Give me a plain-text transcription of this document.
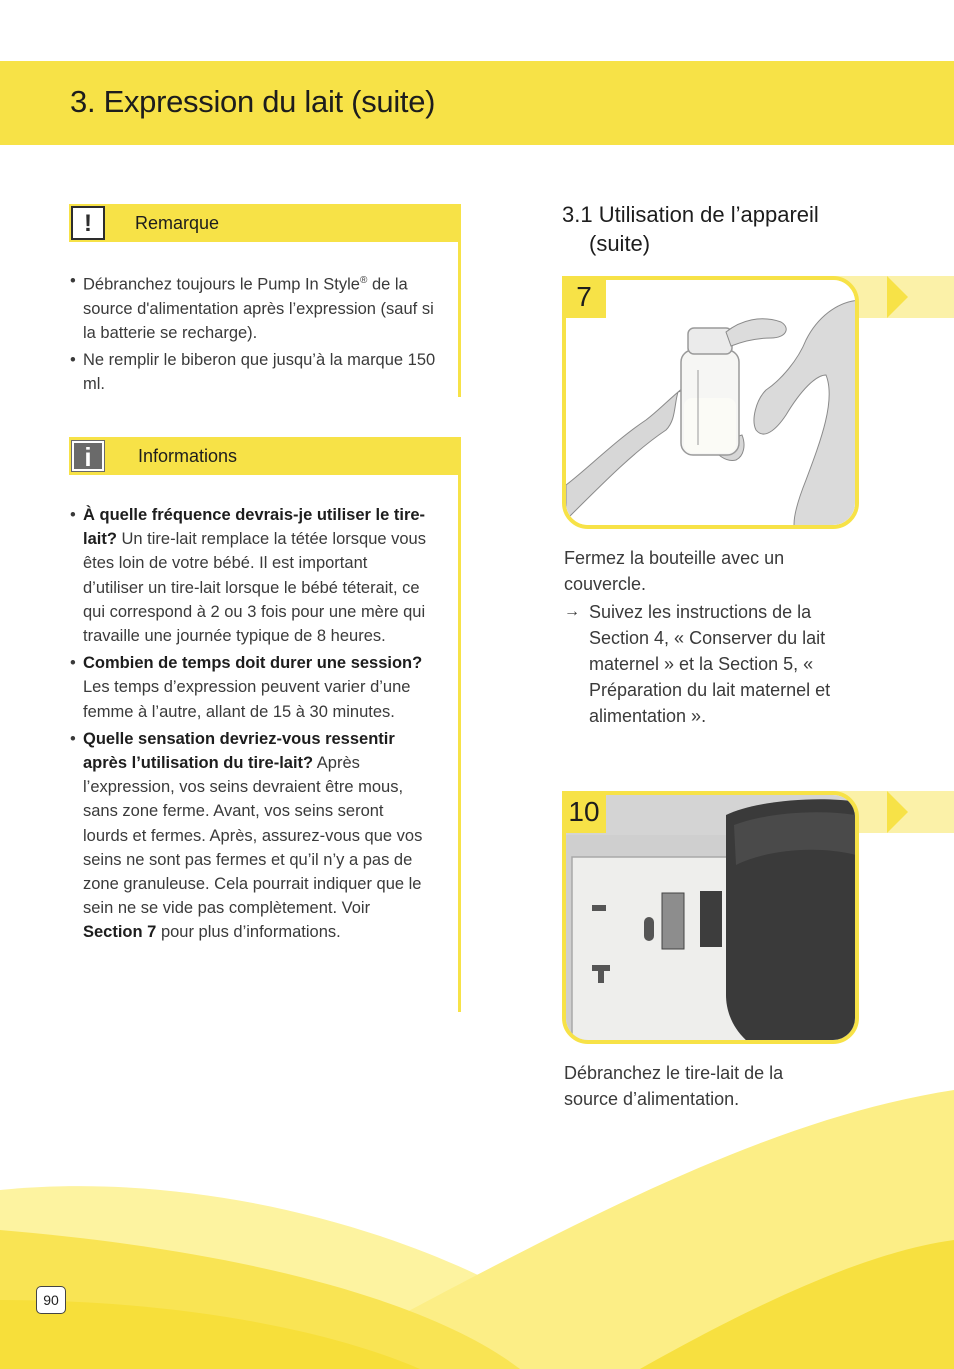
3. Expression du lait (suite)
!	Remarque
• Débranchez toujours le Pump In Style® de la source d'alimentation après l’expression (sauf si la batterie se recharge).
• Ne remplir le biberon que jusqu’à la marque 150 ml.
i	Informations
• À quelle fréquence devrais-je utiliser le tire-lait? Un tire-lait remplace la tétée lorsque vous êtes loin de votre bébé. Il est important d’utiliser un tire-lait lorsque le bébé téterait, ce qui correspond à 2 ou 3 fois pour une mère qui travaille une journée typique de 8 heures.
• Combien de temps doit durer une session? Les temps d’expression peuvent varier d’une femme à l’autre, allant de 15 à 30 minutes.
• Quelle sensation devriez-vous ressentir après l’utilisation du tire-lait? Après l’expression, vos seins devraient être mous, sans zone ferme. Avant, vos seins seront lourds et fermes. Après, assurez-vous que vos seins ne sont pas fermes et qu’il n’y a pas de zone granuleuse. Cela pourrait indiquer que le sein ne se vide pas complètement. Voir Section 7 pour plus d’informations.
3.1 Utilisation de l’appareil
(suite)
7

Fermez la bouteille avec un couvercle.

→ Suivez les instructions de la Section 4, « Conserver du lait maternel » et la Section 5, « Préparation du lait maternel et alimentation ».
10

Débranchez le tire-lait de la source d’alimentation.

90
